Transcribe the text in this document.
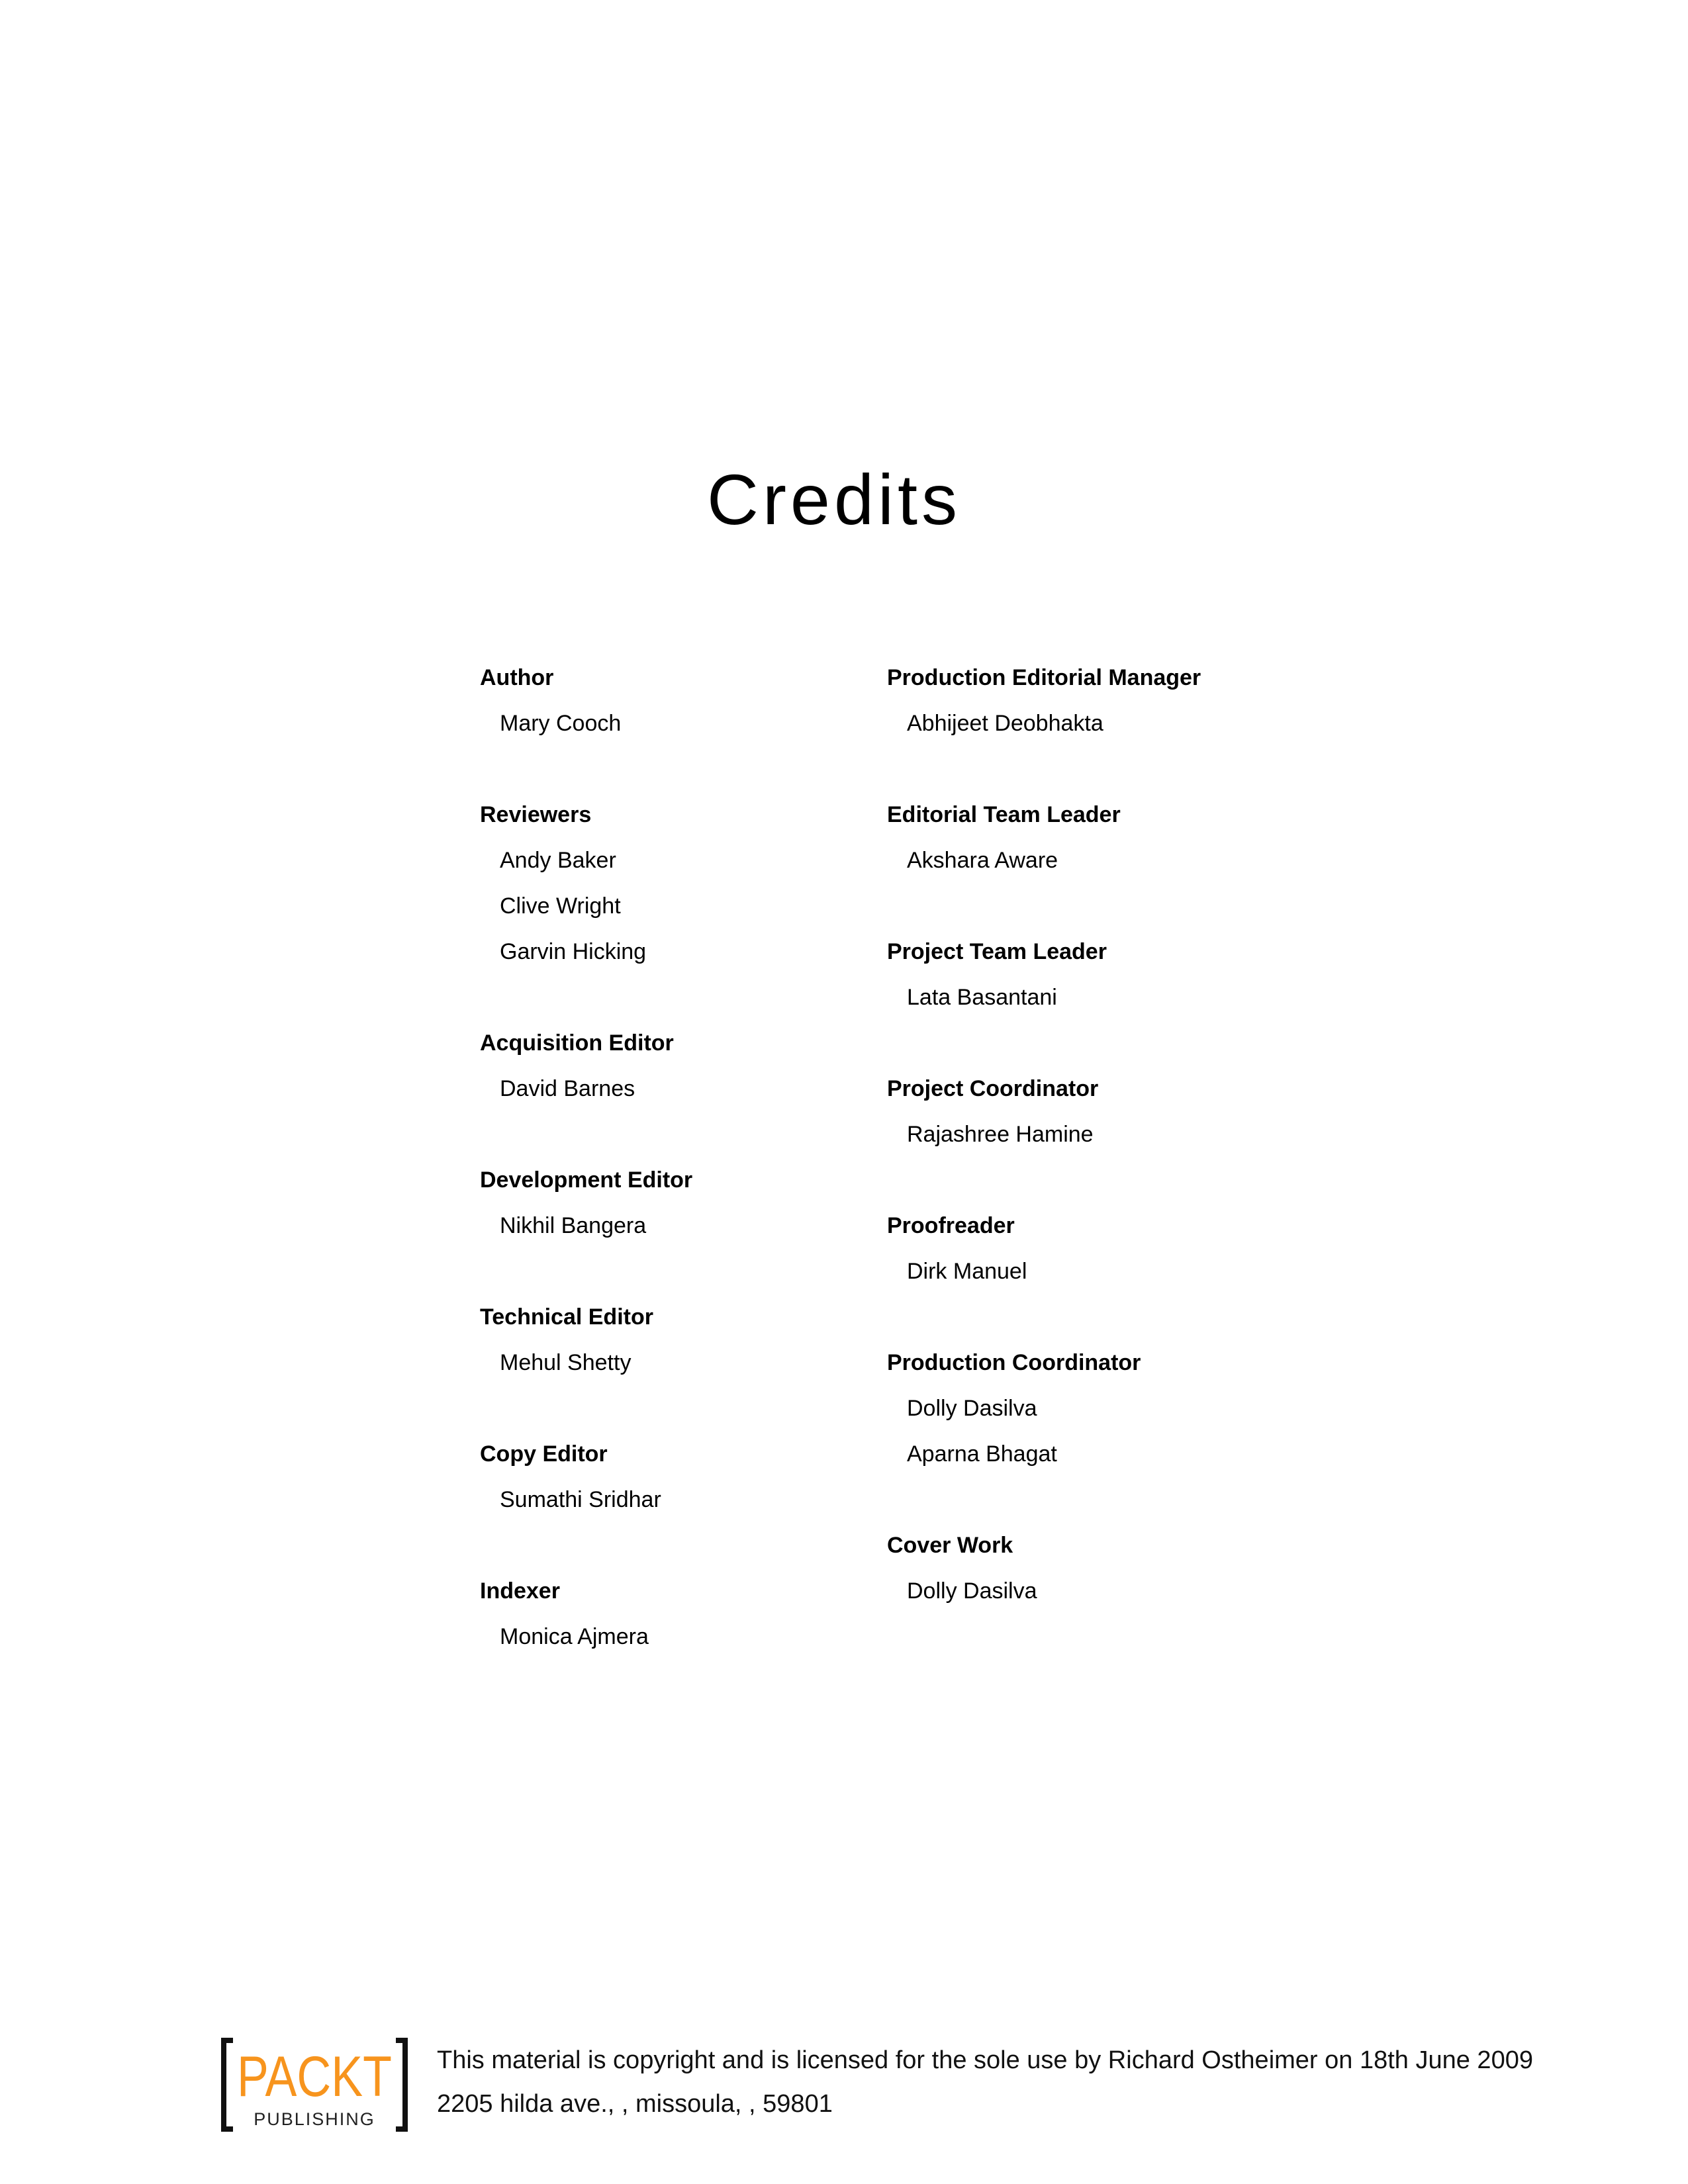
Credits
Author
Mary Cooch
Reviewers
Andy Baker
Clive Wright
Garvin Hicking
Acquisition Editor
David Barnes
Development Editor
Nikhil Bangera
Technical Editor
Mehul Shetty
Copy Editor
Sumathi Sridhar
Indexer
Monica Ajmera
Production Editorial Manager
Abhijeet Deobhakta
Editorial Team Leader
Akshara Aware
Project Team Leader
Lata Basantani
Project Coordinator
Rajashree Hamine
Proofreader
Dirk Manuel
Production Coordinator
Dolly Dasilva
Aparna Bhagat
Cover Work
Dolly Dasilva
PACKT
PUBLISHING
This material is copyright and is licensed for the sole use by Richard Ostheimer on 18th June 2009
2205 hilda ave., , missoula, , 59801
